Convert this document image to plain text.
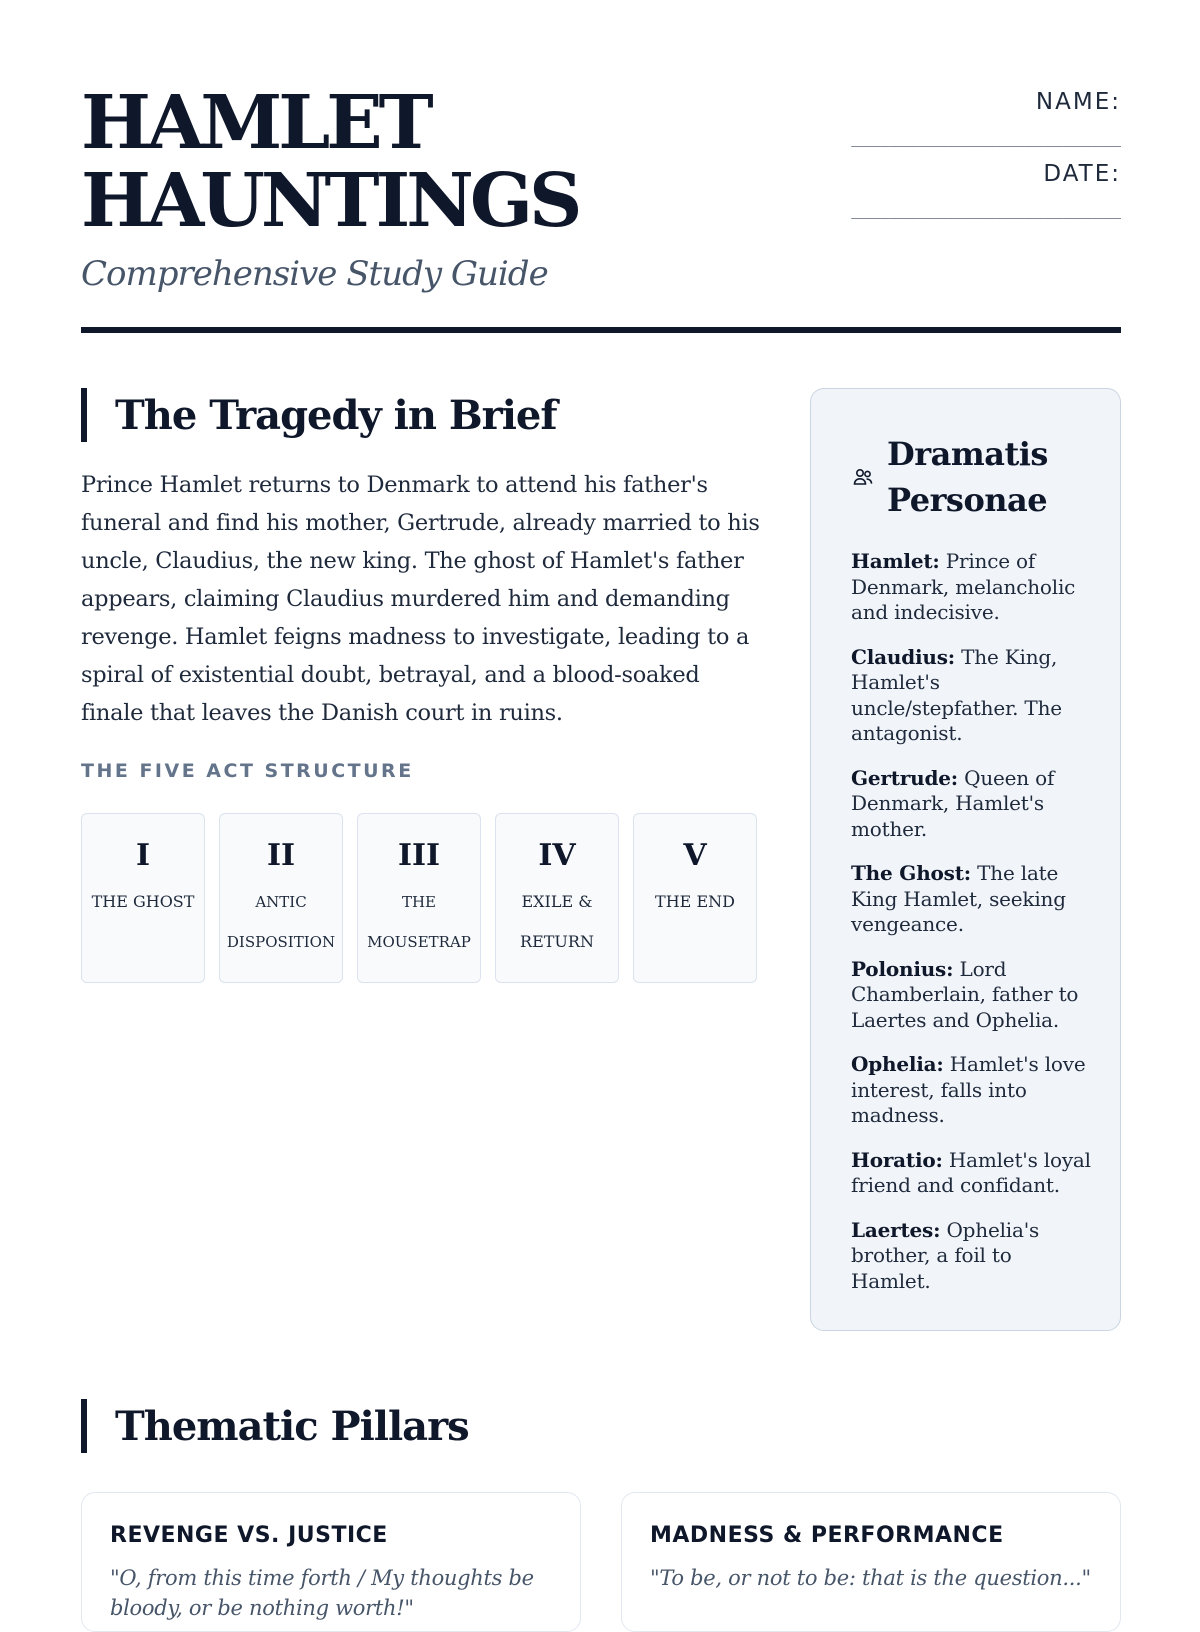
HAMLET
HAUNTINGS
Comprehensive Study Guide
NAME:
____________________________
DATE:
____________________________
The Tragedy in Brief

Prince Hamlet returns to Denmark to attend his father's funeral and find his mother, Gertrude, already married to his uncle, Claudius, the new king. The ghost of Hamlet's father appears, claiming Claudius murdered him and demanding revenge. Hamlet feigns madness to investigate, leading to a spiral of existential doubt, betrayal, and a blood-soaked finale that leaves the Danish court in ruins.

THE FIVE ACT STRUCTURE
I
THE GHOST
II
ANTIC DISPOSITION
III
THE MOUSETRAP
IV
EXILE & RETURN
V
THE END
Dramatis
Personae
Hamlet: Prince of Denmark, melancholic and indecisive.
Claudius: The King, Hamlet's uncle/stepfather. The antagonist.
Gertrude: Queen of Denmark, Hamlet's mother.
The Ghost: The late King Hamlet, seeking vengeance.
Polonius: Lord Chamberlain, father to Laertes and Ophelia.
Ophelia: Hamlet's love interest, falls into madness.
Horatio: Hamlet's loyal friend and confidant.
Laertes: Ophelia's brother, a foil to Hamlet.
Thematic Pillars
REVENGE VS. JUSTICE
"O, from this time forth / My thoughts be bloody, or be nothing worth!"
MADNESS & PERFORMANCE
"To be, or not to be: that is the question..."
